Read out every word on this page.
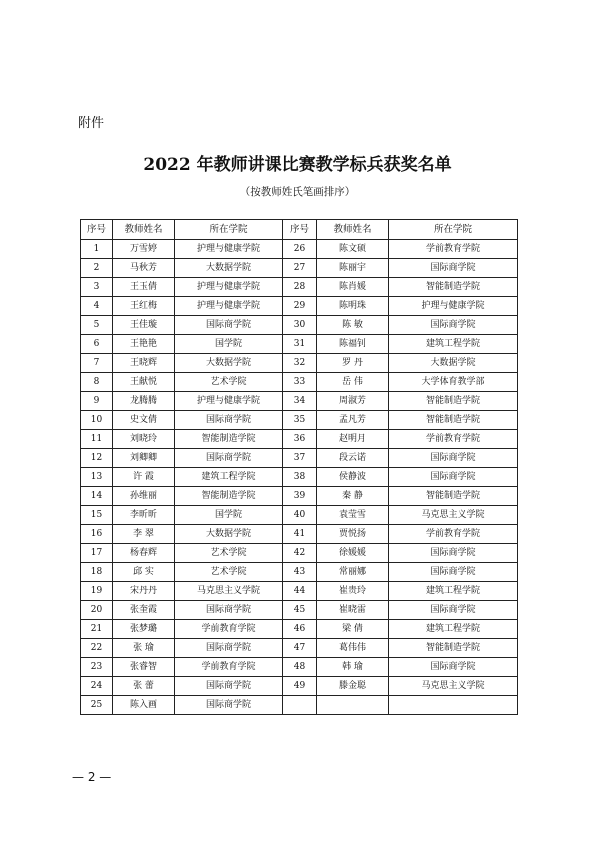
附件
2022 年教师讲课比赛教学标兵获奖名单
（按教师姓氏笔画排序）
序号	教师姓名	所在学院	序号	教师姓名	所在学院
1	万雪婷	护理与健康学院	26	陈文硕	学前教育学院
2	马秋芳	大数据学院	27	陈丽宇	国际商学院
3	王玉倩	护理与健康学院	28	陈肖媛	智能制造学院
4	王红梅	护理与健康学院	29	陈明珠	护理与健康学院
5	王佳璇	国际商学院	30	陈 敏	国际商学院
6	王艳艳	国学院	31	陈福钊	建筑工程学院
7	王晓辉	大数据学院	32	罗 丹	大数据学院
8	王献悦	艺术学院	33	岳 伟	大学体育教学部
9	龙腾腾	护理与健康学院	34	周淑芳	智能制造学院
10	史文倩	国际商学院	35	孟凡芳	智能制造学院
11	刘晓玲	智能制造学院	36	赵明月	学前教育学院
12	刘卿卿	国际商学院	37	段云诺	国际商学院
13	许 霞	建筑工程学院	38	侯静波	国际商学院
14	孙维丽	智能制造学院	39	秦 静	智能制造学院
15	李昕昕	国学院	40	袁莹雪	马克思主义学院
16	李 翠	大数据学院	41	贾悦扬	学前教育学院
17	杨春辉	艺术学院	42	徐媛媛	国际商学院
18	邱 实	艺术学院	43	常丽娜	国际商学院
19	宋丹丹	马克思主义学院	44	崔贵玲	建筑工程学院
20	张奎霞	国际商学院	45	崔晓雷	国际商学院
21	张梦璐	学前教育学院	46	梁 倩	建筑工程学院
22	张 瑜	国际商学院	47	葛伟伟	智能制造学院
23	张睿智	学前教育学院	48	韩 瑜	国际商学院
24	张 蕾	国际商学院	49	滕金聪	马克思主义学院
25	陈入画	国际商学院			
— 2 —
